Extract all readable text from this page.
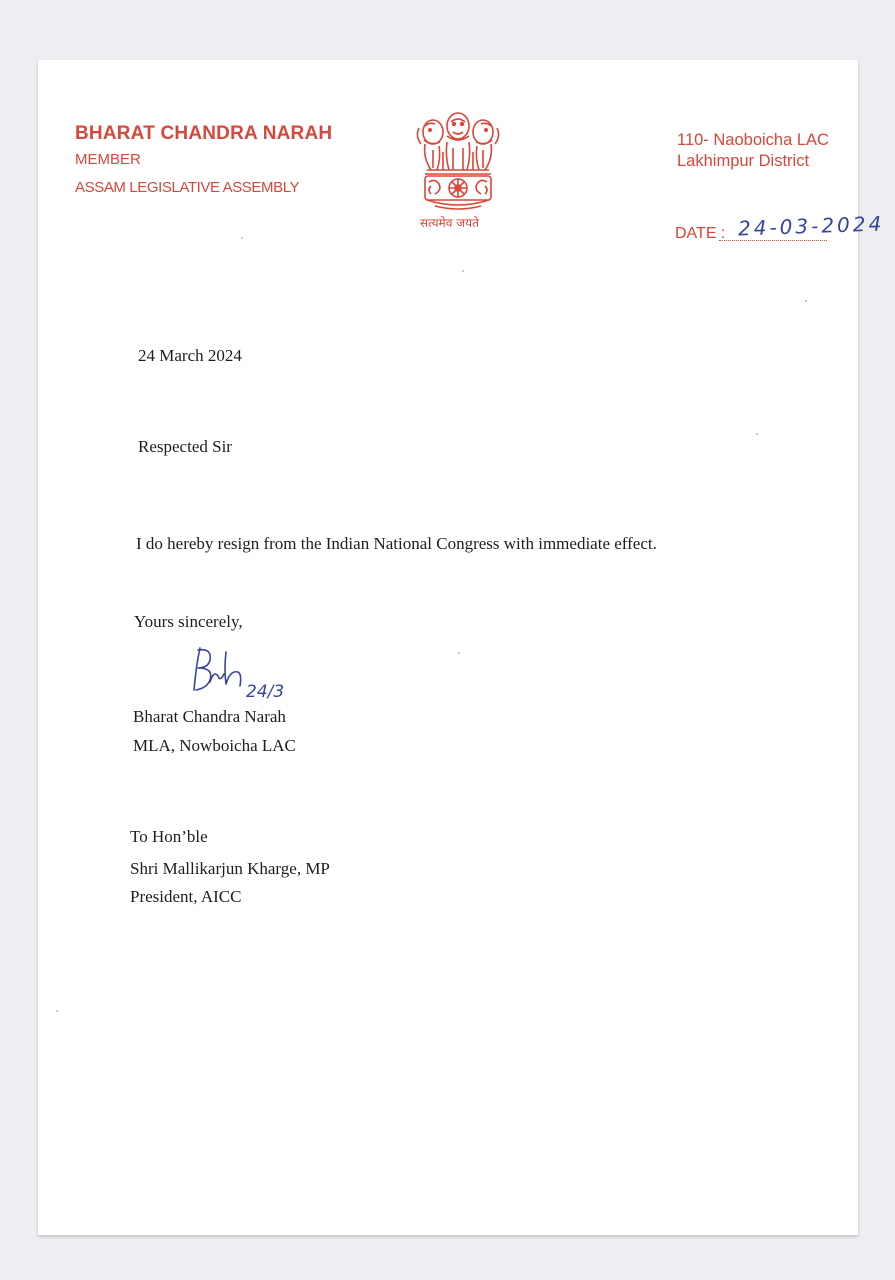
BHARAT CHANDRA NARAH
MEMBER
ASSAM LEGISLATIVE ASSEMBLY
सत्यमेव जयते
110- Naoboicha LAC
Lakhimpur District
DATE : 24-03-2024
24 March 2024
Respected Sir
I do hereby resign from the Indian National Congress with immediate effect.
Yours sincerely,
24/3
Bharat Chandra Narah
MLA, Nowboicha LAC
To Hon’ble
Shri Mallikarjun Kharge, MP
President, AICC
